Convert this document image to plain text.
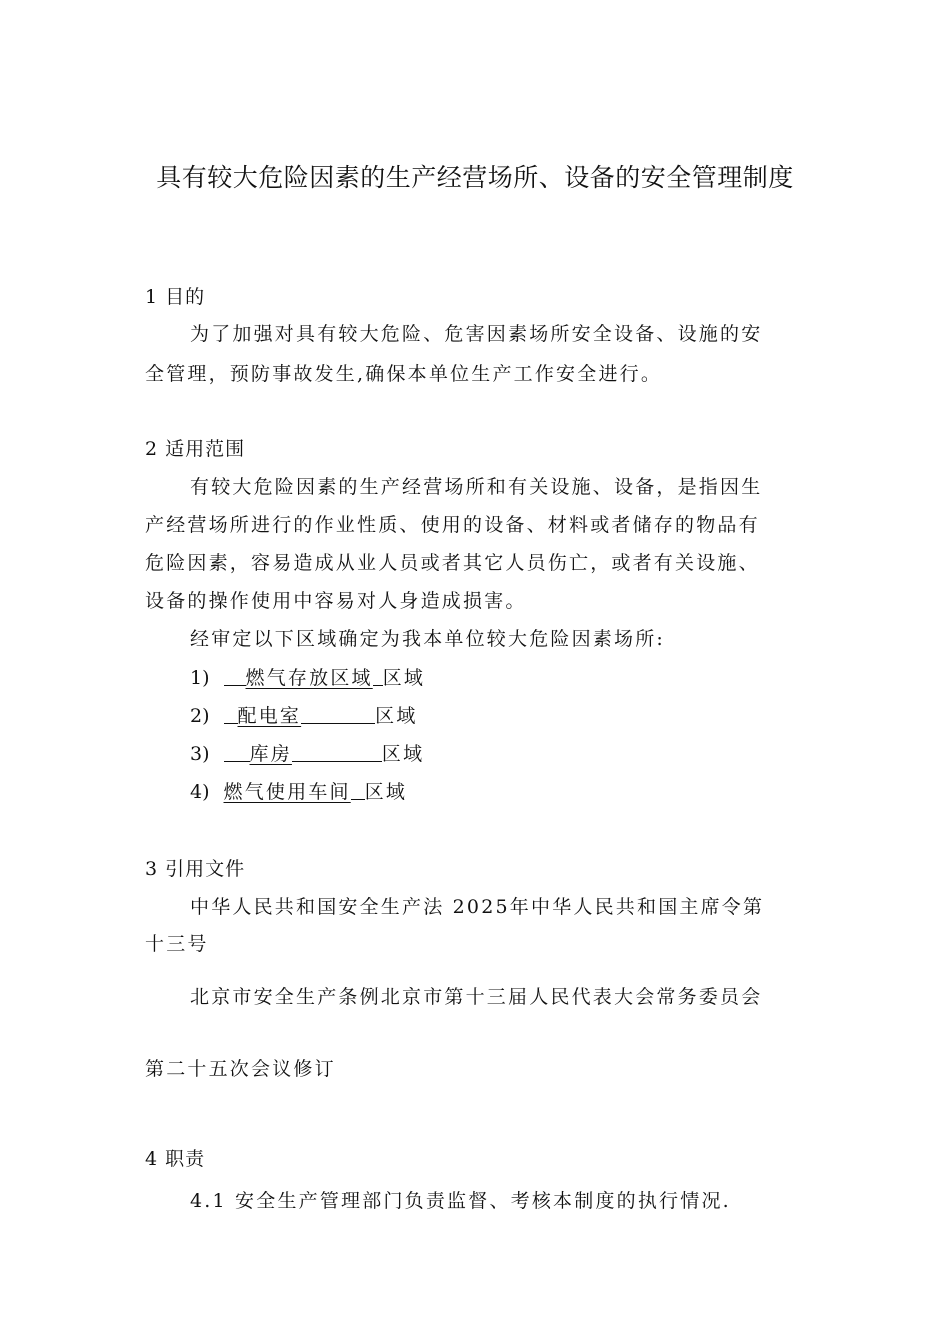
具有较大危险因素的生产经营场所、设备的安全管理制度
1 目的
为了加强对具有较大危险、危害因素场所安全设备、设施的安
全管理，预防事故发生,确保本单位生产工作安全进行。
2 适用范围
有较大危险因素的生产经营场所和有关设施、设备，是指因生
产经营场所进行的作业性质、使用的设备、材料或者储存的物品有
危险因素，容易造成从业人员或者其它人员伤亡，或者有关设施、
设备的操作使用中容易对人身造成损害。
经审定以下区域确定为我本单位较大危险因素场所:
1) 燃气存放区域 区域
2) 配电室	区域
3) 库房	区域
4) 燃气使用车间 区域
3 引用文件
中华人民共和国安全生产法 2025年中华人民共和国主席令第
十三号
北京市安全生产条例北京市第十三届人民代表大会常务委员会
第二十五次会议修订
4 职责
4.1 安全生产管理部门负责监督、考核本制度的执行情况.
